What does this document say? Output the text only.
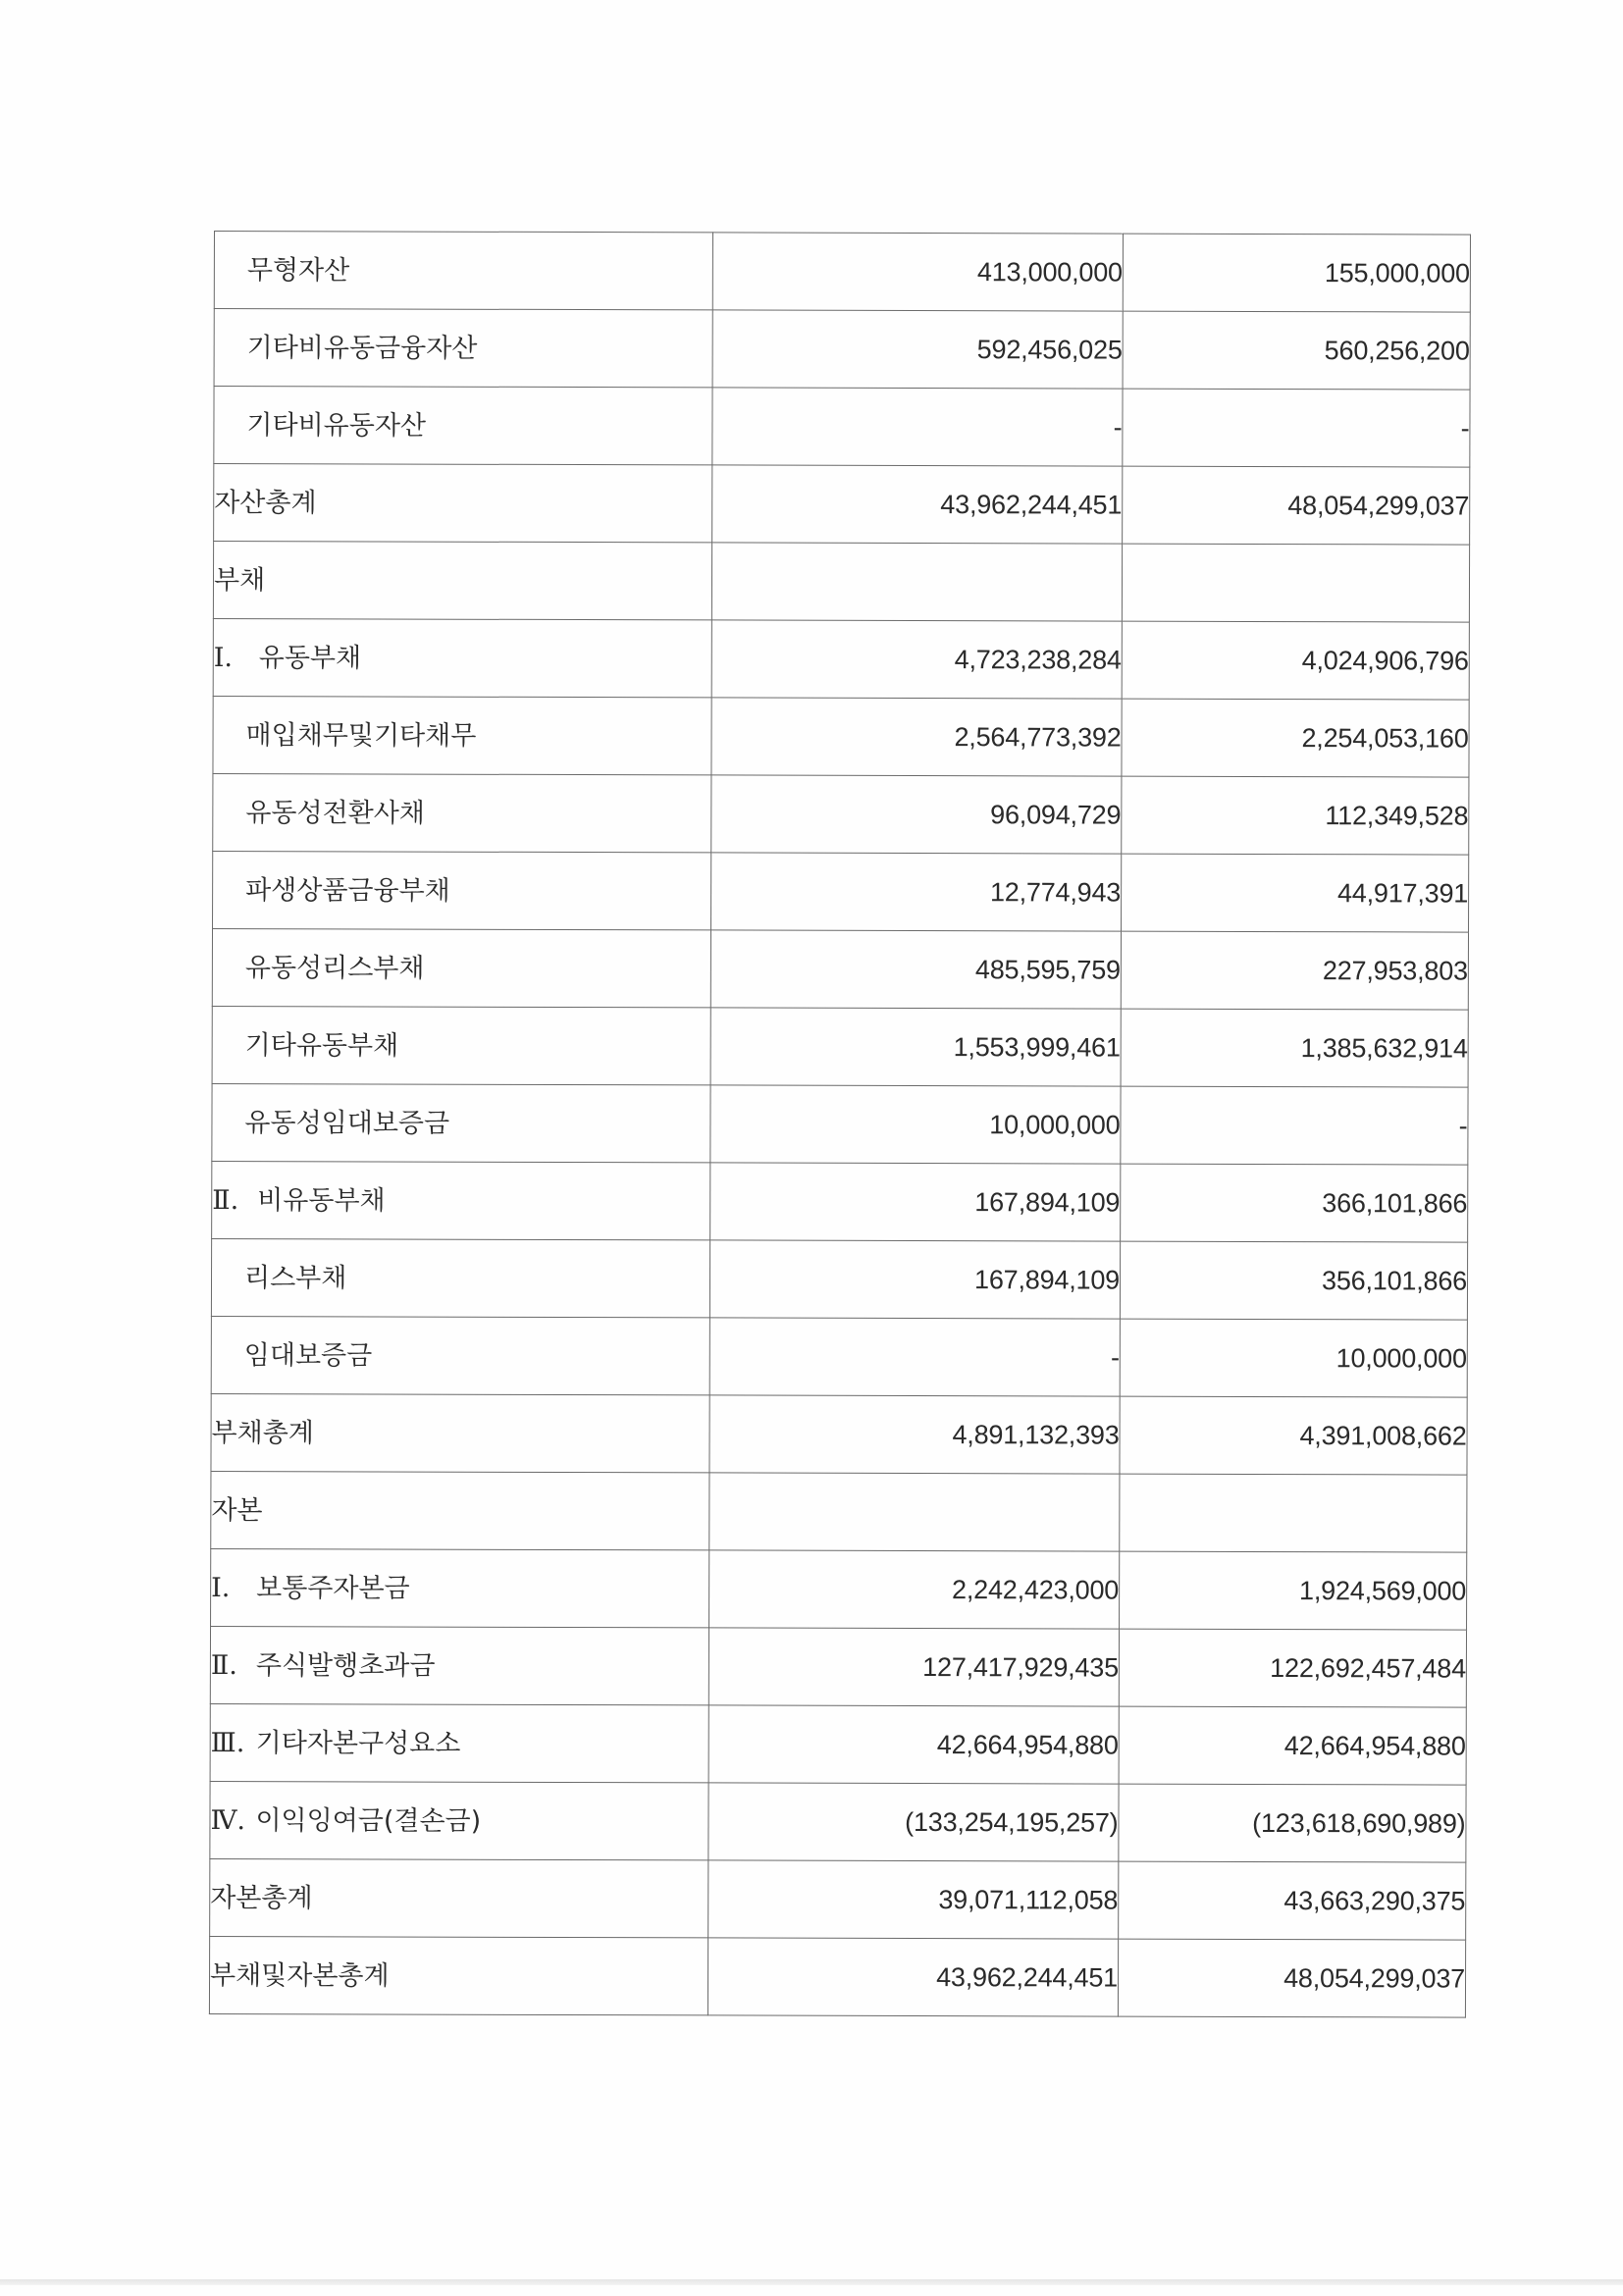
무형자산	413,000,000	155,000,000
기타비유동금융자산	592,456,025	560,256,200
기타비유동자산	-	-
자산총계	43,962,244,451	48,054,299,037
부채		
Ⅰ. 유동부채	4,723,238,284	4,024,906,796
매입채무및기타채무	2,564,773,392	2,254,053,160
유동성전환사채	96,094,729	112,349,528
파생상품금융부채	12,774,943	44,917,391
유동성리스부채	485,595,759	227,953,803
기타유동부채	1,553,999,461	1,385,632,914
유동성임대보증금	10,000,000	-
Ⅱ. 비유동부채	167,894,109	366,101,866
리스부채	167,894,109	356,101,866
임대보증금	-	10,000,000
부채총계	4,891,132,393	4,391,008,662
자본		
Ⅰ. 보통주자본금	2,242,423,000	1,924,569,000
Ⅱ. 주식발행초과금	127,417,929,435	122,692,457,484
Ⅲ. 기타자본구성요소	42,664,954,880	42,664,954,880
Ⅳ. 이익잉여금(결손금)	(133,254,195,257)	(123,618,690,989)
자본총계	39,071,112,058	43,663,290,375
부채및자본총계	43,962,244,451	48,054,299,037
